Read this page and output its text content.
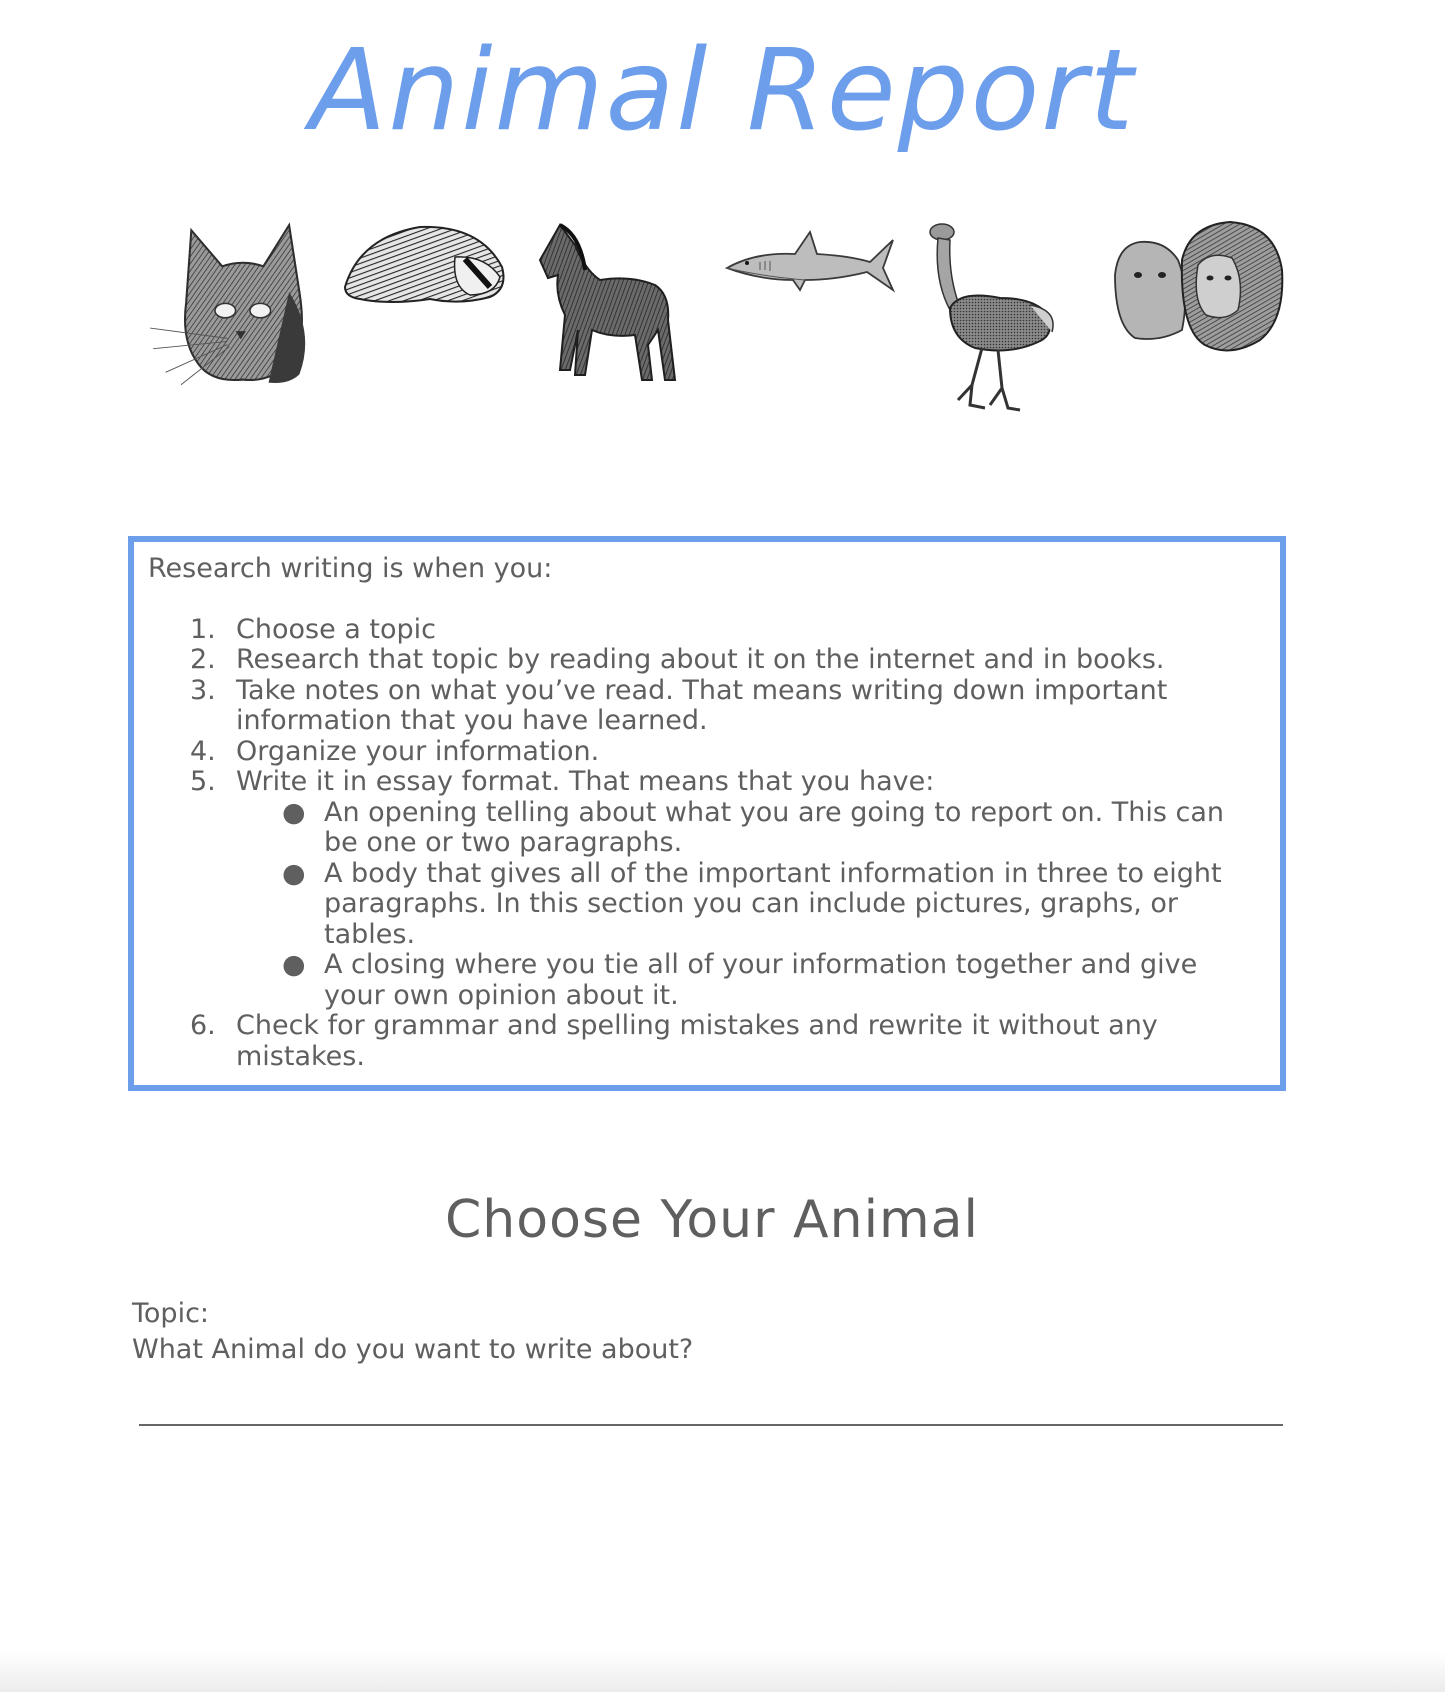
Animal Report

Research writing is when you:

1. Choose a topic
2. Research that topic by reading about it on the internet and in books.
3. Take notes on what you’ve read. That means writing down important information that you have learned.
4. Organize your information.
5. Write it in essay format. That means that you have:
● An opening telling about what you are going to report on. This can be one or two paragraphs.
● A body that gives all of the important information in three to eight paragraphs. In this section you can include pictures, graphs, or tables.
● A closing where you tie all of your information together and give your own opinion about it.
6. Check for grammar and spelling mistakes and rewrite it without any mistakes.
Choose Your Animal
Topic:
What Animal do you want to write about?
